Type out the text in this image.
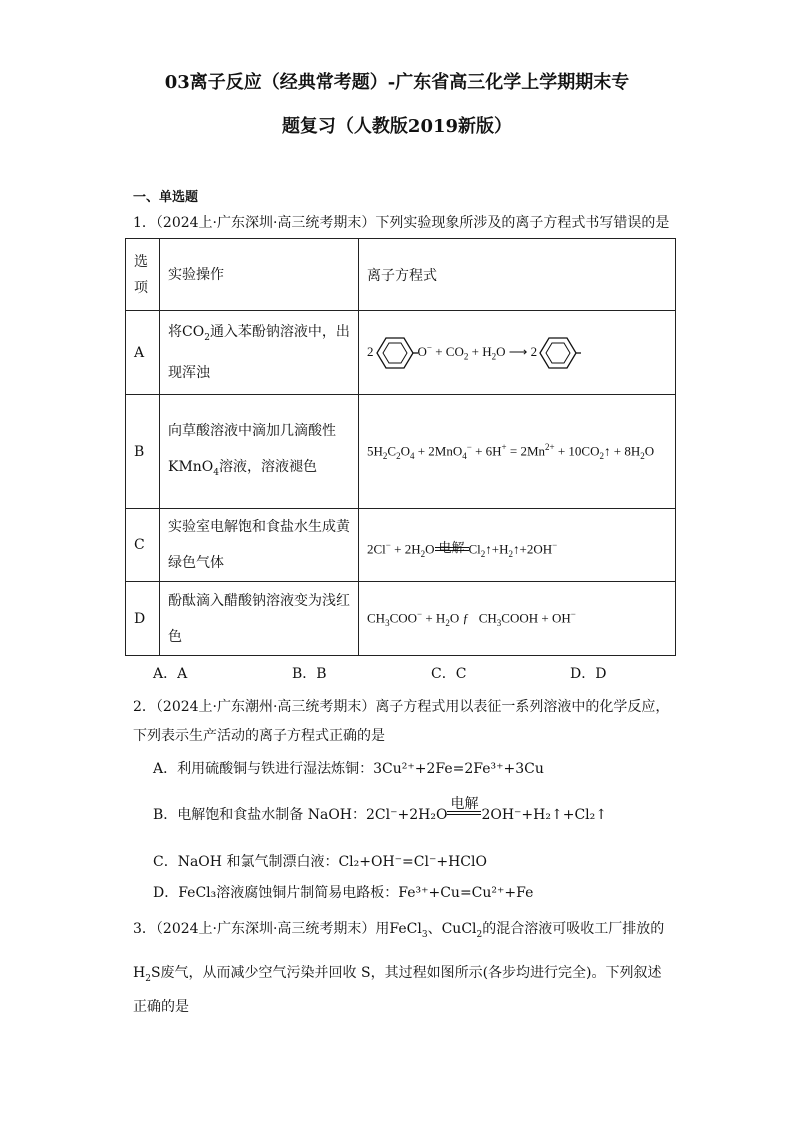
03离子反应（经典常考题）-广东省高三化学上学期期末专
题复习（人教版2019新版）
一、单选题
1．（2024上·广东深圳·高三统考期末）下列实验现象所涉及的离子方程式书写错误的是
选项	实验操作	离子方程式
A	将$CO_2$通入苯酚钠溶液中，出
现浑浊	2 $O^- + CO_2 + H_2O$ ⟶ 2

B	向草酸溶液中滴加几滴酸性
KMnO$_4$溶液，溶液褪色	$5H_2C_2O_4 + 2MnO_4^- + 6H^+ = 2Mn^{2+}$ + $10CO_2↑ + 8H_2O$

C	实验室电解饱和食盐水生成黄
绿色气体	$2Cl^- + 2H_2O$ 电解 $Cl_2↑+H_2↑+2OH^-$

D	酚酞滴入醋酸钠溶液变为浅红
色	$CH_3COO^- + H_2O$ ƒ   $CH_3COOH + OH^-$
A．A	B．B	C．C	D．D
2．（2024上·广东潮州·高三统考期末）离子方程式用以表征一系列溶液中的化学反应，
下列表示生产活动的离子方程式正确的是
A．利用硫酸铜与铁进行湿法炼铜：3Cu²⁺+2Fe=2Fe³⁺+3Cu
B．电解饱和食盐水制备 NaOH：2Cl⁻+2H₂O
电解
2OH⁻+H₂↑+Cl₂↑
C．NaOH 和氯气制漂白液：Cl₂+OH⁻=Cl⁻+HClO
D．FeCl₃溶液腐蚀铜片制简易电路板：Fe³⁺+Cu=Cu²⁺+Fe
3．（2024上·广东深圳·高三统考期末）用FeCl$_3$、CuCl$_2$的混合溶液可吸收工厂排放的
$H_2S$废气，从而减少空气污染并回收 S，其过程如图所示(各步均进行完全)。下列叙述
正确的是
